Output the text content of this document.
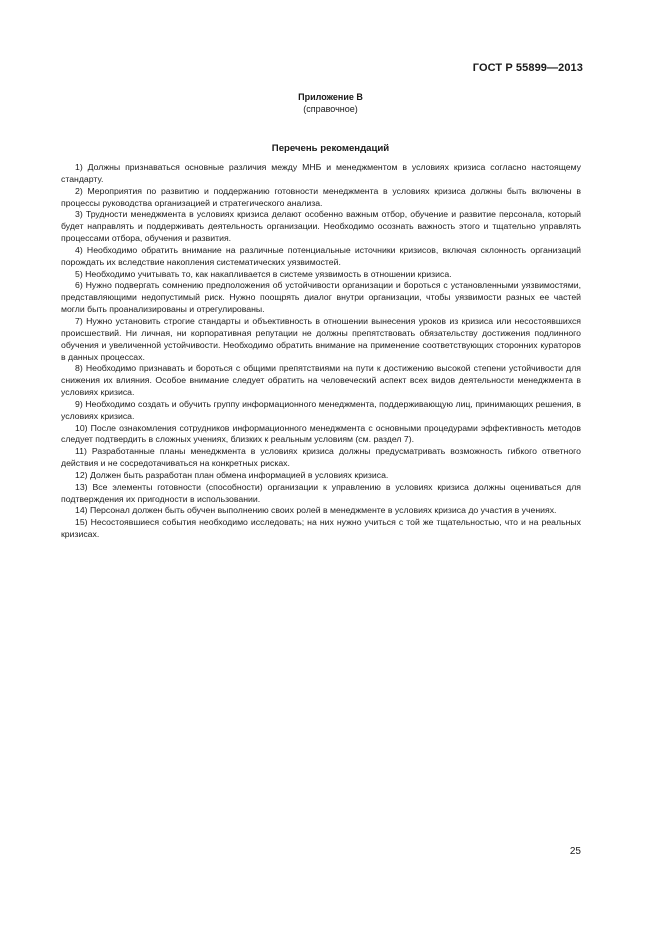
ГОСТ Р 55899—2013
Приложение В
(справочное)
Перечень рекомендаций

1) Должны признаваться основные различия между МНБ и менеджментом в условиях кризиса согласно настоящему стандарту.

2) Мероприятия по развитию и поддержанию готовности менеджмента в условиях кризиса должны быть включены в процессы руководства организацией и стратегического анализа.

3) Трудности менеджмента в условиях кризиса делают особенно важным отбор, обучение и развитие персонала, который будет направлять и поддерживать деятельность организации. Необходимо осознать важность этого и тщательно управлять процессами отбора, обучения и развития.

4) Необходимо обратить внимание на различные потенциальные источники кризисов, включая склонность организаций порождать их вследствие накопления систематических уязвимостей.

5) Необходимо учитывать то, как накапливается в системе уязвимость в отношении кризиса.

6) Нужно подвергать сомнению предположения об устойчивости организации и бороться с установленными уязвимостями, представляющими недопустимый риск. Нужно поощрять диалог внутри организации, чтобы уязвимости разных ее частей могли быть проанализированы и отрегулированы.

7) Нужно установить строгие стандарты и объективность в отношении вынесения уроков из кризиса или несостоявшихся происшествий. Ни личная, ни корпоративная репутации не должны препятствовать обязательству достижения подлинного обучения и увеличенной устойчивости. Необходимо обратить внимание на применение соответствующих сторонних кураторов в данных процессах.

8) Необходимо признавать и бороться с общими препятствиями на пути к достижению высокой степени устойчивости для снижения их влияния. Особое внимание следует обратить на человеческий аспект всех видов деятельности менеджмента в условиях кризиса.

9) Необходимо создать и обучить группу информационного менеджмента, поддерживающую лиц, принимающих решения, в условиях кризиса.

10) После ознакомления сотрудников информационного менеджмента с основными процедурами эффективность методов следует подтвердить в сложных учениях, близких к реальным условиям (см. раздел 7).

11) Разработанные планы менеджмента в условиях кризиса должны предусматривать возможность гибкого ответного действия и не сосредотачиваться на конкретных рисках.

12) Должен быть разработан план обмена информацией в условиях кризиса.

13) Все элементы готовности (способности) организации к управлению в условиях кризиса должны оцениваться для подтверждения их пригодности в использовании.

14) Персонал должен быть обучен выполнению своих ролей в менеджменте в условиях кризиса до участия в учениях.

15) Несостоявшиеся события необходимо исследовать; на них нужно учиться с той же тщательностью, что и на реальных кризисах.

25
